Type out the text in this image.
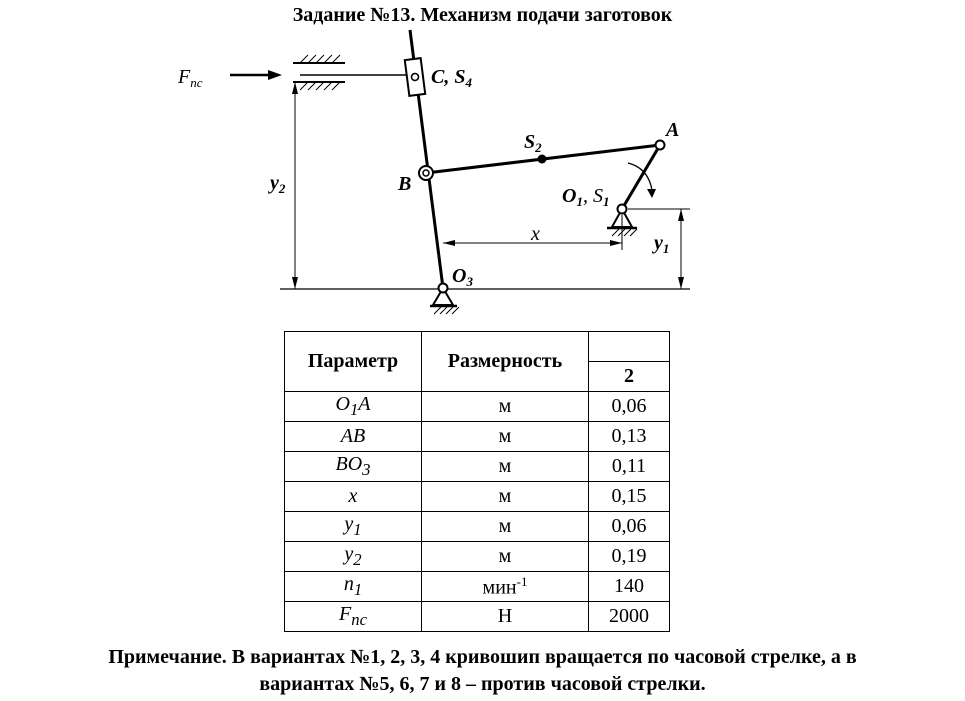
Задание №13. Механизм подачи заготовок
$F_{пс}$	C, $S_4$
B
A
$S_2$
$O_1$, $S_1$
$O_3$
x	$y_1$
$y_2$
Параметр	Размерность	
		2
$O_1A$	м	0,06
AB	м	0,13
$BO_3$	м	0,11
x	м	0,15
$y_1$	м	0,06
$y_2$	м	0,19
$n_1$	мин$^{-1}$	140
$F_{пс}$	Н	2000
Примечание. В вариантах №1, 2, 3, 4 кривошип вращается по часовой стрелке, а в
вариантах №5, 6, 7 и 8 – против часовой стрелки.
